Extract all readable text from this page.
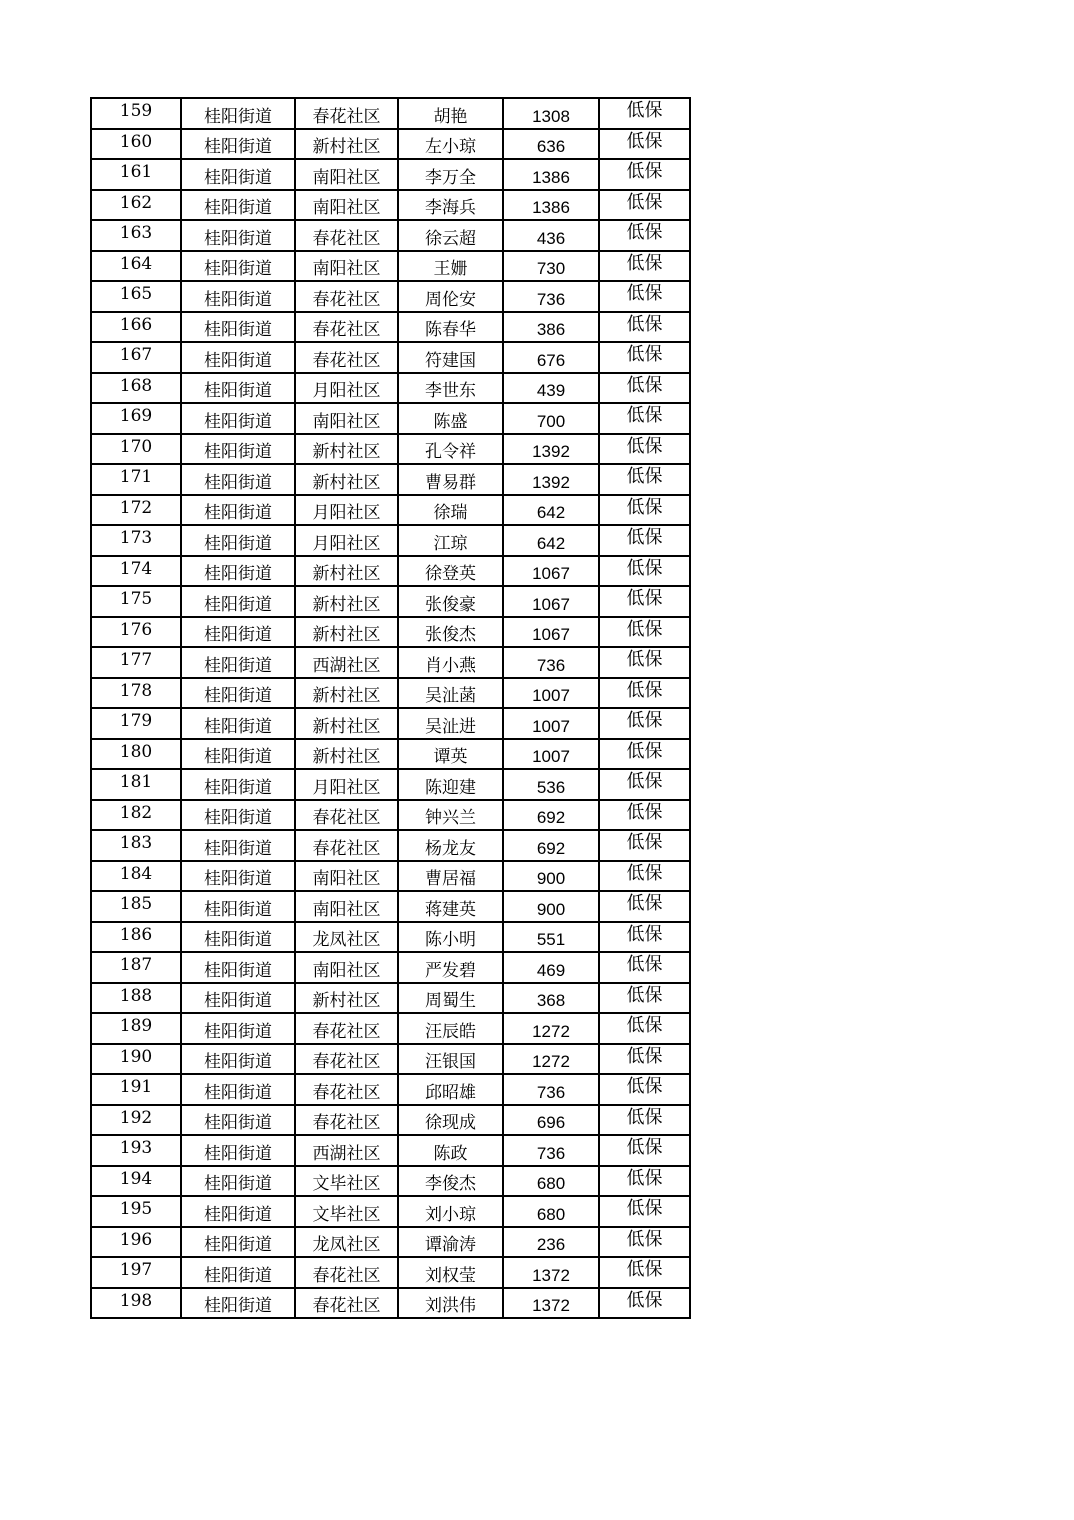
159	桂阳街道	春花社区	胡艳	1308	低保
160	桂阳街道	新村社区	左小琼	636	低保
161	桂阳街道	南阳社区	李万全	1386	低保
162	桂阳街道	南阳社区	李海兵	1386	低保
163	桂阳街道	春花社区	徐云超	436	低保
164	桂阳街道	南阳社区	王姗	730	低保
165	桂阳街道	春花社区	周伦安	736	低保
166	桂阳街道	春花社区	陈春华	386	低保
167	桂阳街道	春花社区	符建国	676	低保
168	桂阳街道	月阳社区	李世东	439	低保
169	桂阳街道	南阳社区	陈盛	700	低保
170	桂阳街道	新村社区	孔令祥	1392	低保
171	桂阳街道	新村社区	曹易群	1392	低保
172	桂阳街道	月阳社区	徐瑞	642	低保
173	桂阳街道	月阳社区	江琼	642	低保
174	桂阳街道	新村社区	徐登英	1067	低保
175	桂阳街道	新村社区	张俊豪	1067	低保
176	桂阳街道	新村社区	张俊杰	1067	低保
177	桂阳街道	西湖社区	肖小燕	736	低保
178	桂阳街道	新村社区	吴沚菡	1007	低保
179	桂阳街道	新村社区	吴沚进	1007	低保
180	桂阳街道	新村社区	谭英	1007	低保
181	桂阳街道	月阳社区	陈迎建	536	低保
182	桂阳街道	春花社区	钟兴兰	692	低保
183	桂阳街道	春花社区	杨龙友	692	低保
184	桂阳街道	南阳社区	曹居福	900	低保
185	桂阳街道	南阳社区	蒋建英	900	低保
186	桂阳街道	龙凤社区	陈小明	551	低保
187	桂阳街道	南阳社区	严发碧	469	低保
188	桂阳街道	新村社区	周蜀生	368	低保
189	桂阳街道	春花社区	汪辰皓	1272	低保
190	桂阳街道	春花社区	汪银国	1272	低保
191	桂阳街道	春花社区	邱昭雄	736	低保
192	桂阳街道	春花社区	徐现成	696	低保
193	桂阳街道	西湖社区	陈政	736	低保
194	桂阳街道	文毕社区	李俊杰	680	低保
195	桂阳街道	文毕社区	刘小琼	680	低保
196	桂阳街道	龙凤社区	谭渝涛	236	低保
197	桂阳街道	春花社区	刘权莹	1372	低保
198	桂阳街道	春花社区	刘洪伟	1372	低保
